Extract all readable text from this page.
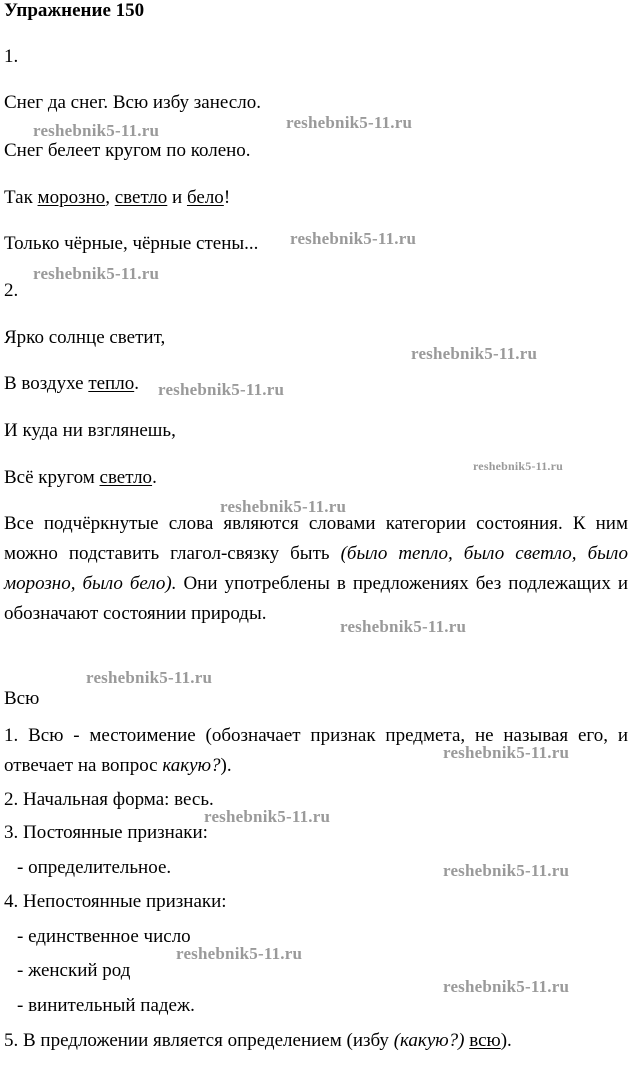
Упражнение 150
1.
Снег да снег. Всю избу занесло.
Снег белеет кругом по колено.
Так морозно, светло и бело!
Только чёрные, чёрные стены...
2.
Ярко солнце светит,
В воздухе тепло.
И куда ни взглянешь,
Всё кругом светло.
Все подчёркнутые слова являются словами категории состояния. К ним можно подставить глагол-связку быть (было тепло, было светло, было морозно, было бело). Они употреблены в предложениях без подлежащих и обозначают состоянии природы.
Всю
1. Всю - местоимение (обозначает признак предмета, не называя его, и отвечает на вопрос какую?).
2. Начальная форма: весь.
3. Постоянные признаки:
- определительное.
4. Непостоянные признаки:
- единственное число
- женский род
- винительный падеж.
5. В предложении является определением (избу (какую?) всю).
reshebnik5-11.ru	reshebnik5-11.ru
reshebnik5-11.ru
reshebnik5-11.ru
reshebnik5-11.ru
reshebnik5-11.ru
reshebnik5-11.ru
reshebnik5-11.ru
reshebnik5-11.ru
reshebnik5-11.ru
reshebnik5-11.ru
reshebnik5-11.ru
reshebnik5-11.ru
reshebnik5-11.ru
reshebnik5-11.ru
